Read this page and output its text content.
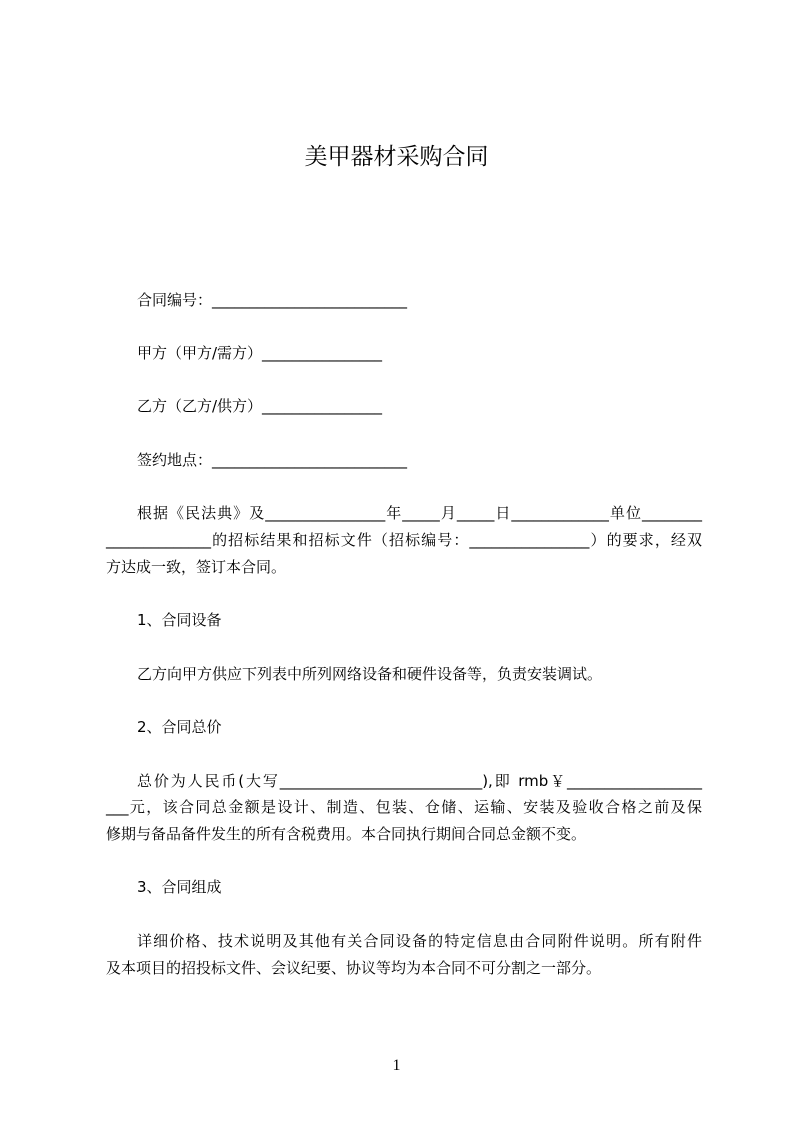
美甲器材采购合同
合同编号：__________________________
甲方（甲方/需方）________________
乙方（乙方/供方）________________
签约地点：__________________________
根据《民法典》及________________年_____月_____日_____________单位________
______________的招标结果和招标文件（招标编号：________________）的要求，经双
方达成一致，签订本合同。
1、合同设备
乙方向甲方供应下列表中所列网络设备和硬件设备等，负责安装调试。
2、合同总价
总价为人民币(大写___________________________),即 rmb￥__________________
___元，该合同总金额是设计、制造、包装、仓储、运输、安装及验收合格之前及保
修期与备品备件发生的所有含税费用。本合同执行期间合同总金额不变。
3、合同组成
详细价格、技术说明及其他有关合同设备的特定信息由合同附件说明。所有附件
及本项目的招投标文件、会议纪要、协议等均为本合同不可分割之一部分。
1
